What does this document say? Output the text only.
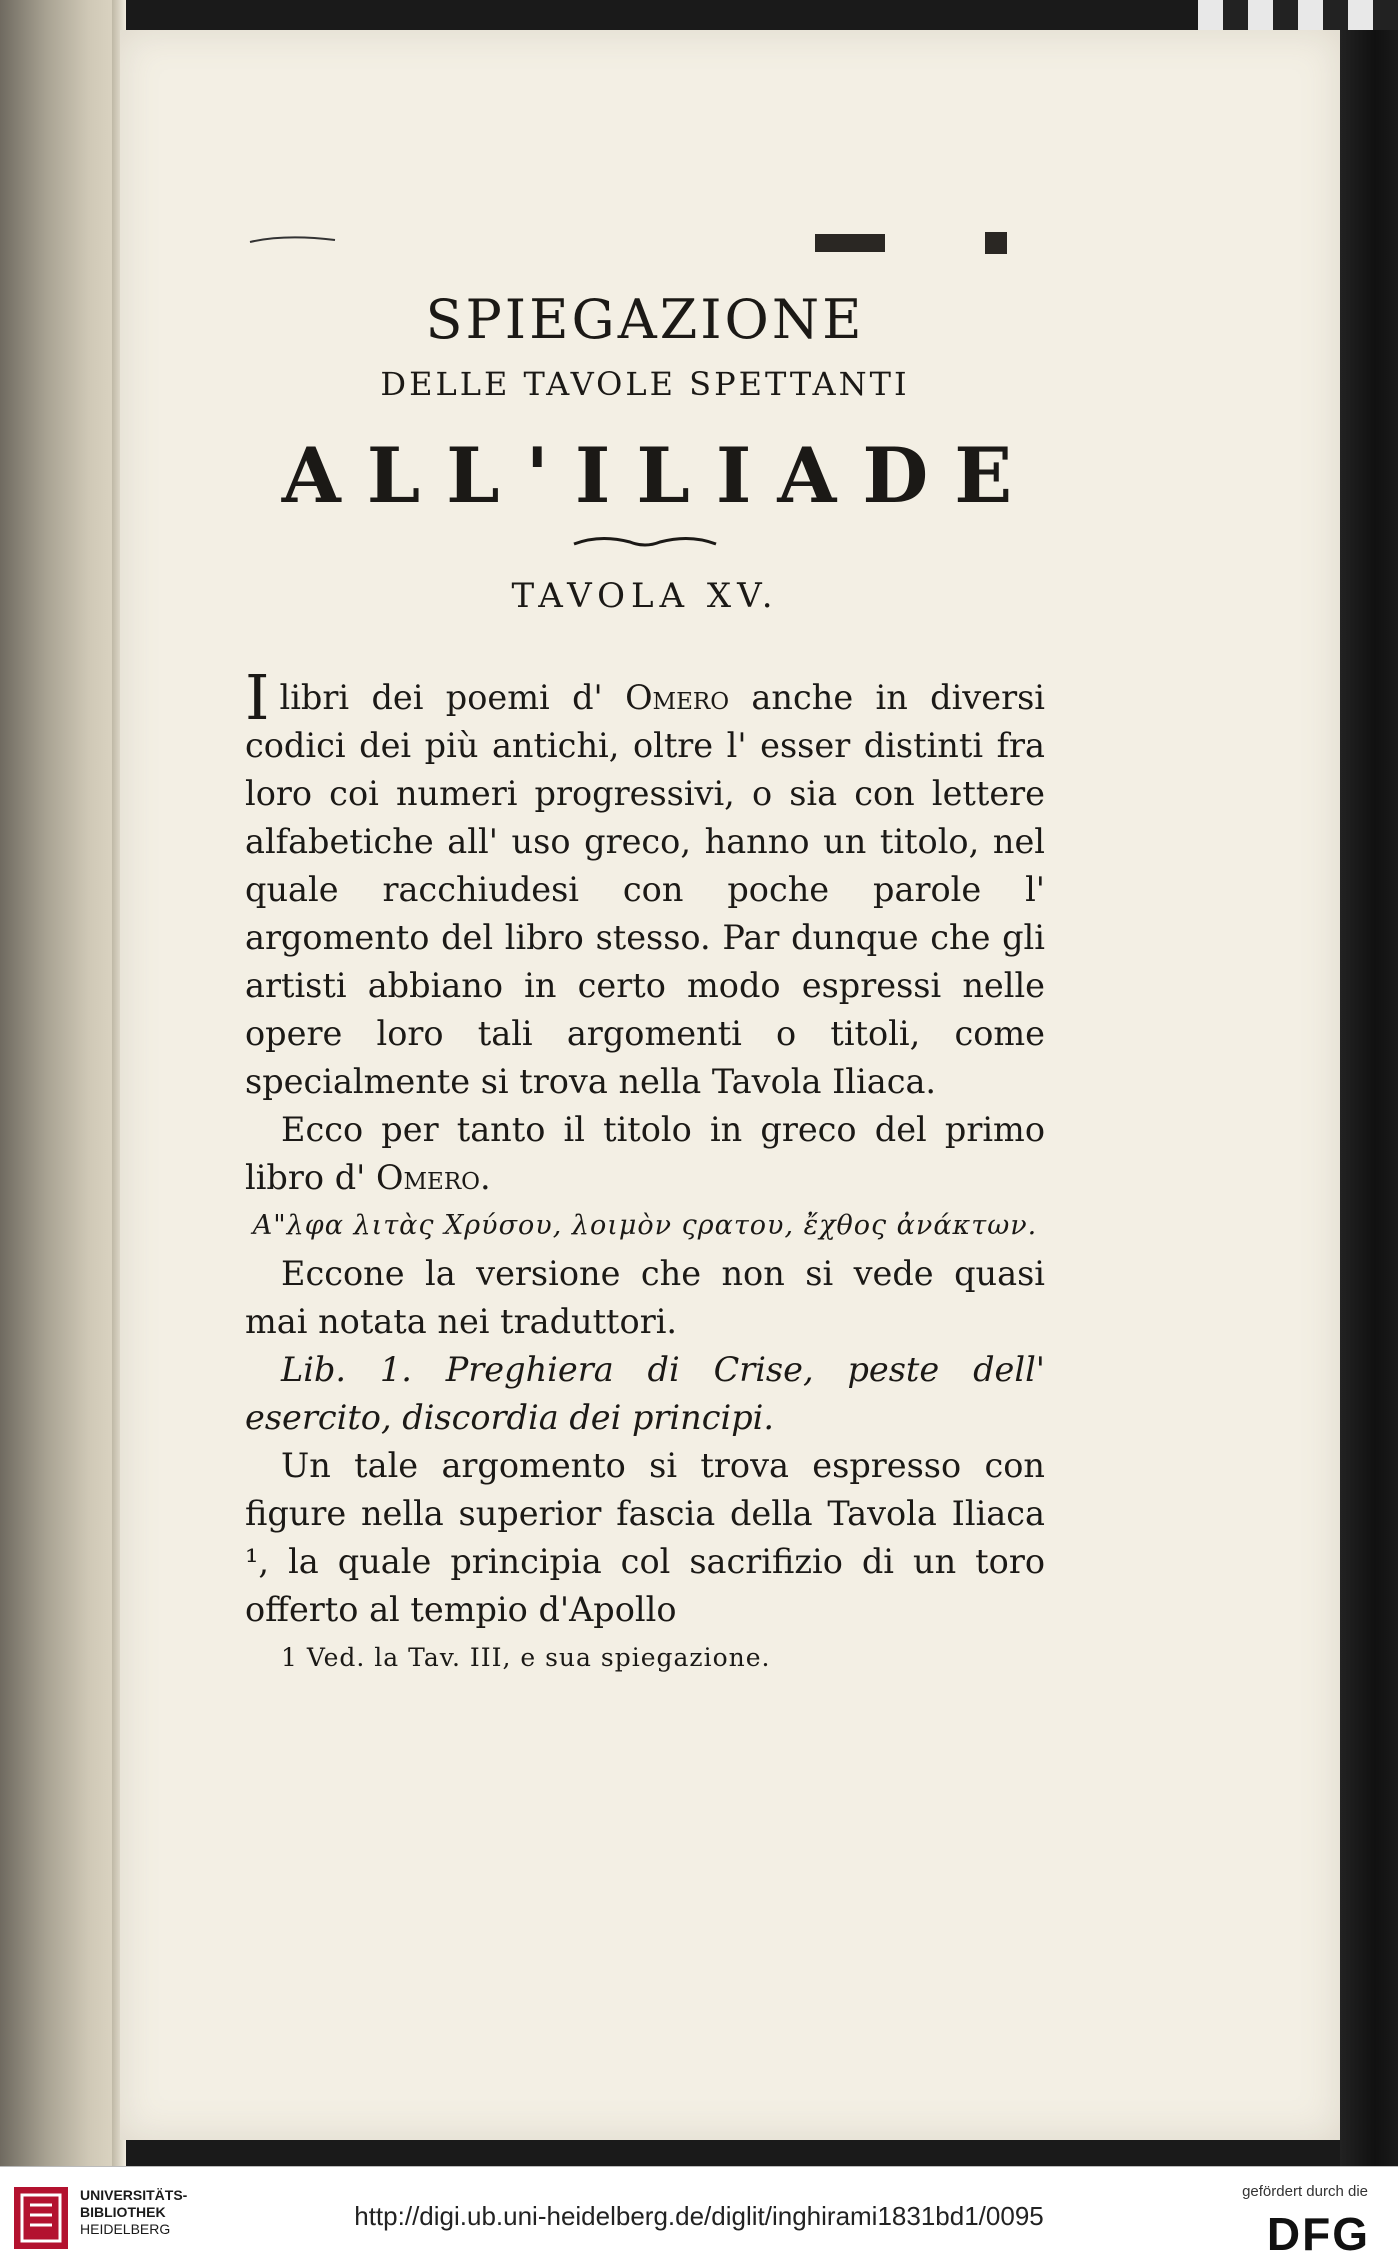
SPIEGAZIONE
DELLE TAVOLE SPETTANTI
ALL'ILIADE
TAVOLA XV.

Ilibri dei poemi d' Omero anche in diversi codici dei più antichi, oltre l' esser distinti fra loro coi numeri progressivi, o sia con lettere alfabetiche all' uso greco, hanno un titolo, nel quale racchiudesi con poche parole l' argomento del libro stesso. Par dunque che gli artisti abbiano in certo modo espressi nelle opere loro tali argomenti o titoli, come specialmente si trova nella Tavola Iliaca.

Ecco per tanto il titolo in greco del primo libro d' Omero.

Α"λφα λιτὰς Χρύσου, λοιμὸν ςρατου, ἔχθος ἀνάκτων.

Eccone la versione che non si vede quasi mai notata nei traduttori.

Lib. 1. Preghiera di Crise, peste dell' esercito, discordia dei principi.

Un tale argomento si trova espresso con figure nella superior fascia della Tavola Iliaca ¹, la quale principia col sacrifizio di un toro offerto al tempio d'Apollo

1 Ved. la Tav. III, e sua spiegazione.

UNIVERSITÄTS-
BIBLIOTHEK
HEIDELBERG	http://digi.ub.uni-heidelberg.de/diglit/inghirami1831bd1/0095
gefördert durch die
DFG
